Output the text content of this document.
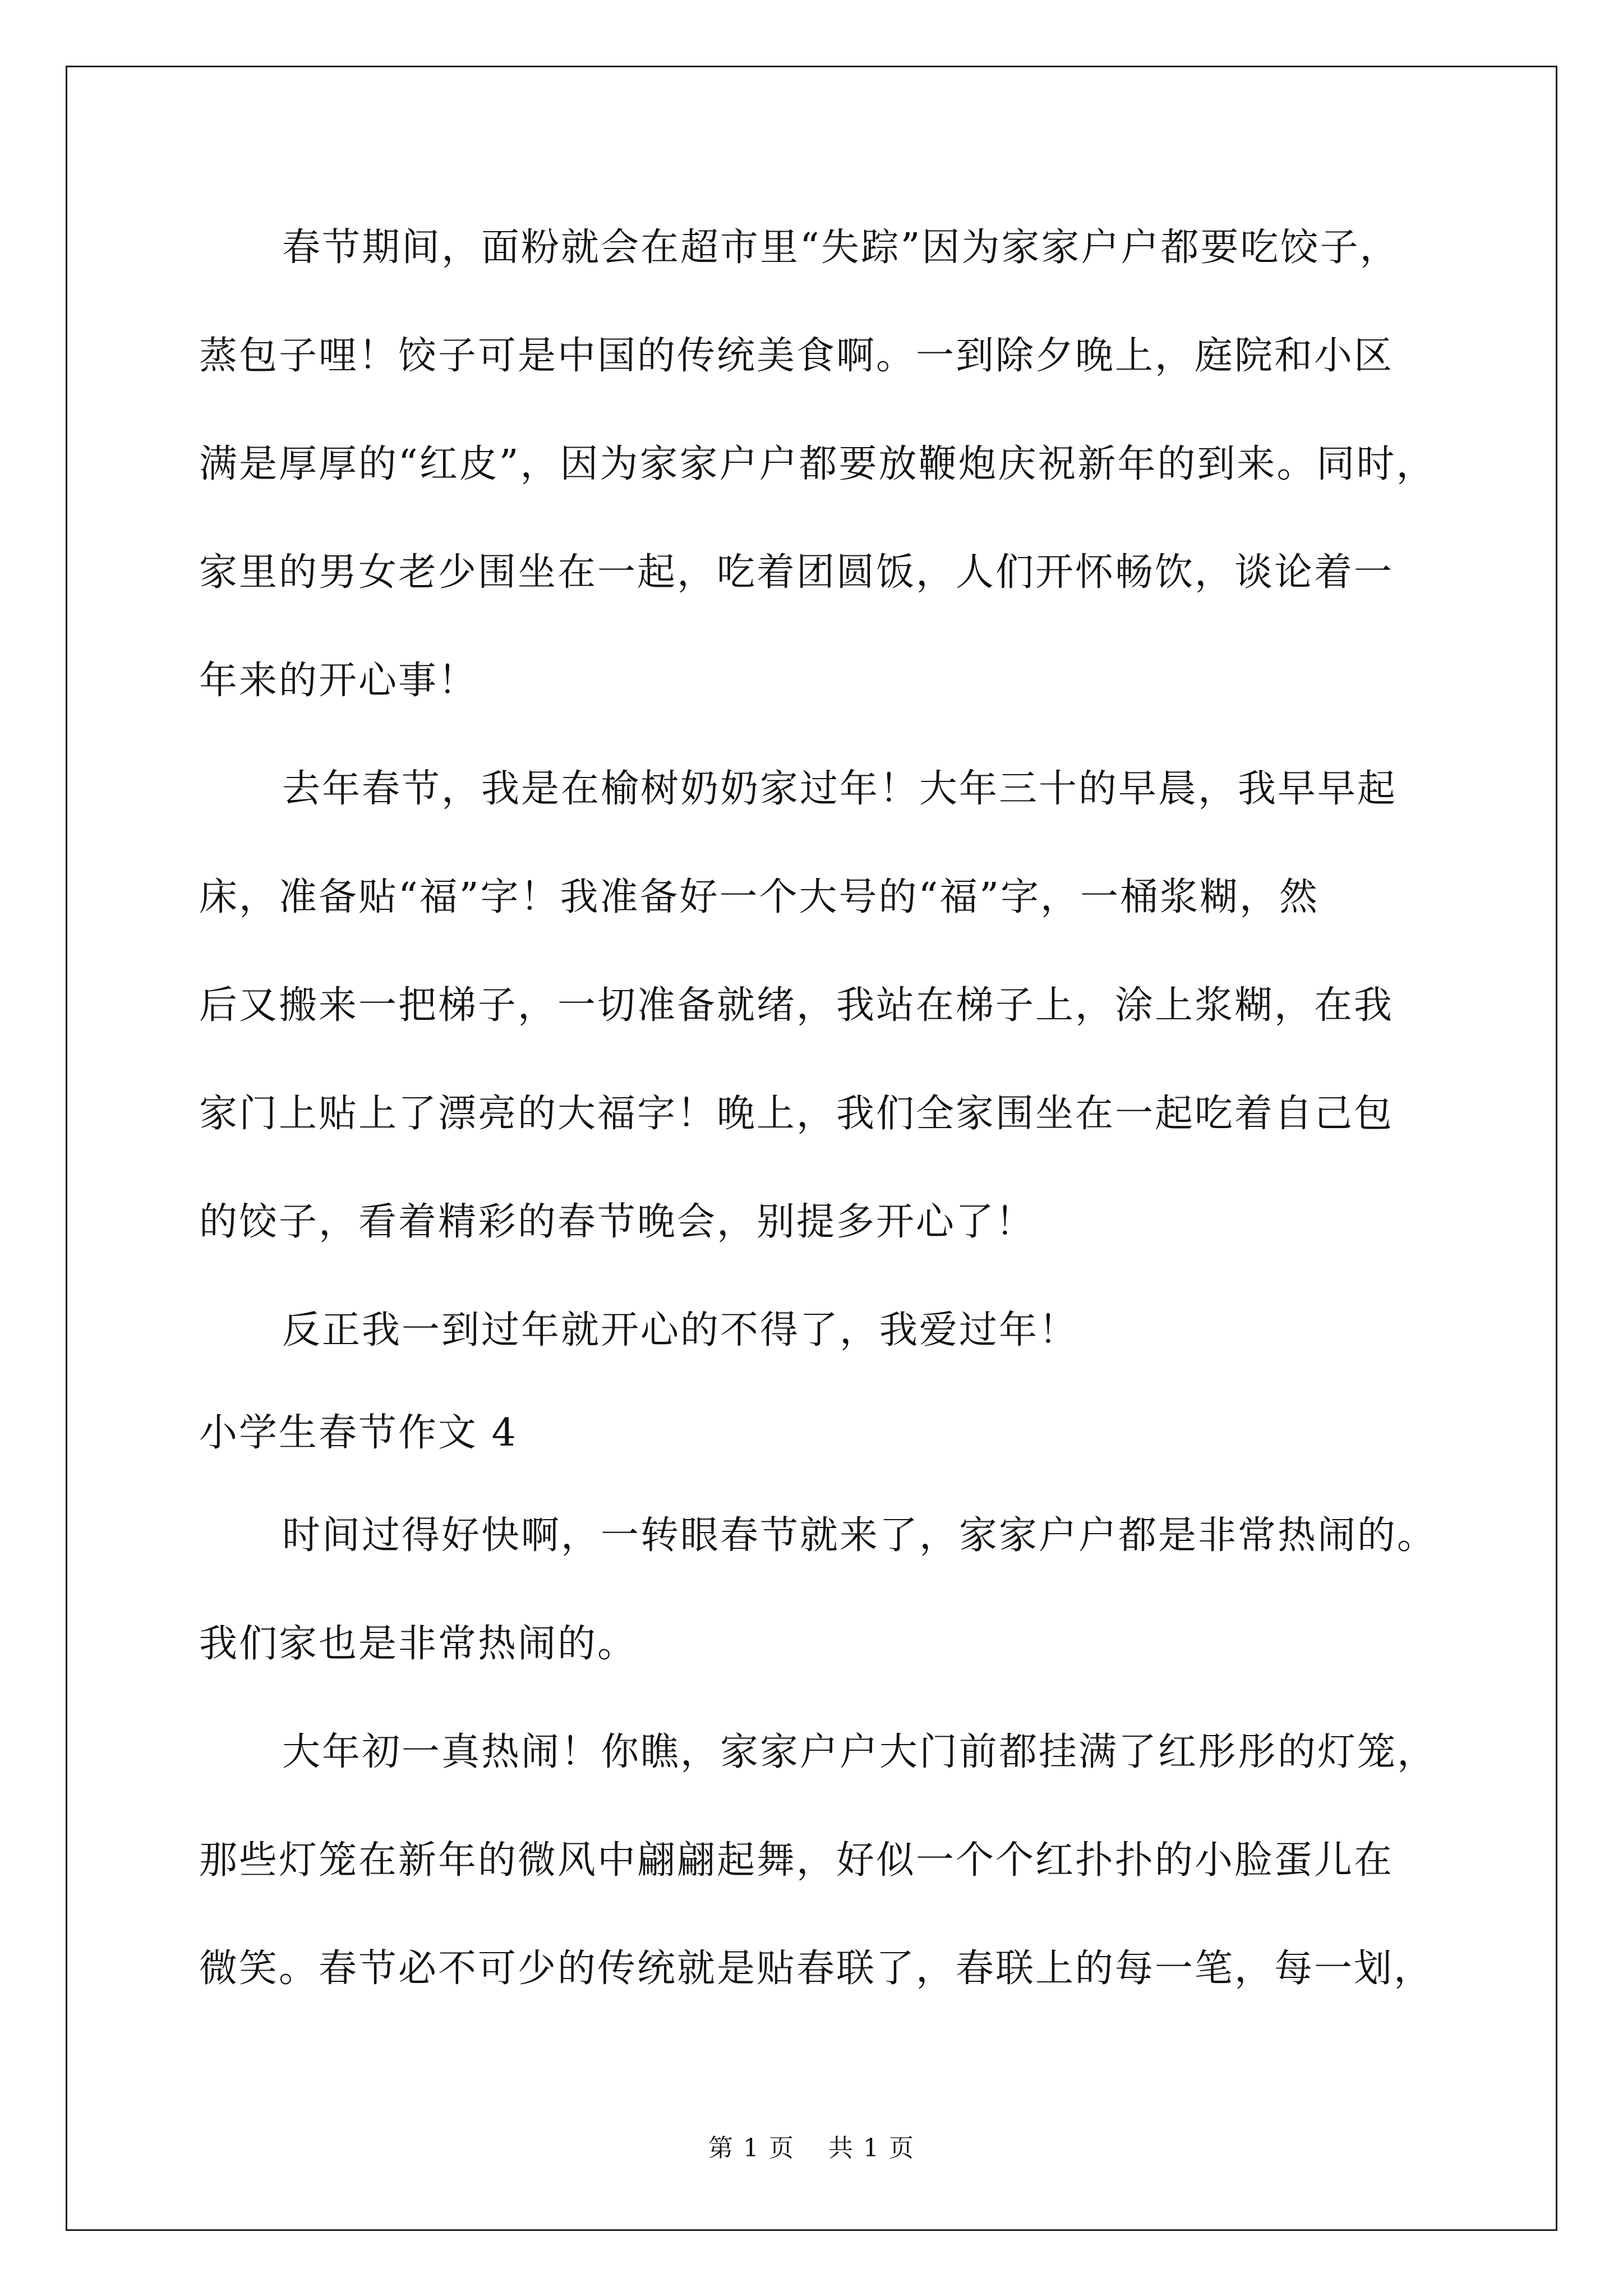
春节期间，面粉就会在超市里“失踪”因为家家户户都要吃饺子，
蒸包子哩！饺子可是中国的传统美食啊。一到除夕晚上，庭院和小区
满是厚厚的“红皮”，因为家家户户都要放鞭炮庆祝新年的到来。同时，
家里的男女老少围坐在一起，吃着团圆饭，人们开怀畅饮，谈论着一
年来的开心事！
去年春节，我是在榆树奶奶家过年！大年三十的早晨，我早早起
床，准备贴“福”字！我准备好一个大号的“福”字，一桶浆糊，然
后又搬来一把梯子，一切准备就绪，我站在梯子上，涂上浆糊，在我
家门上贴上了漂亮的大福字！晚上，我们全家围坐在一起吃着自己包
的饺子，看着精彩的春节晚会，别提多开心了！
反正我一到过年就开心的不得了，我爱过年！
小学生春节作文 4
时间过得好快啊，一转眼春节就来了，家家户户都是非常热闹的。
我们家也是非常热闹的。
大年初一真热闹！你瞧，家家户户大门前都挂满了红彤彤的灯笼，
那些灯笼在新年的微风中翩翩起舞，好似一个个红扑扑的小脸蛋儿在
微笑。春节必不可少的传统就是贴春联了，春联上的每一笔，每一划，
第 1 页 共 1 页
